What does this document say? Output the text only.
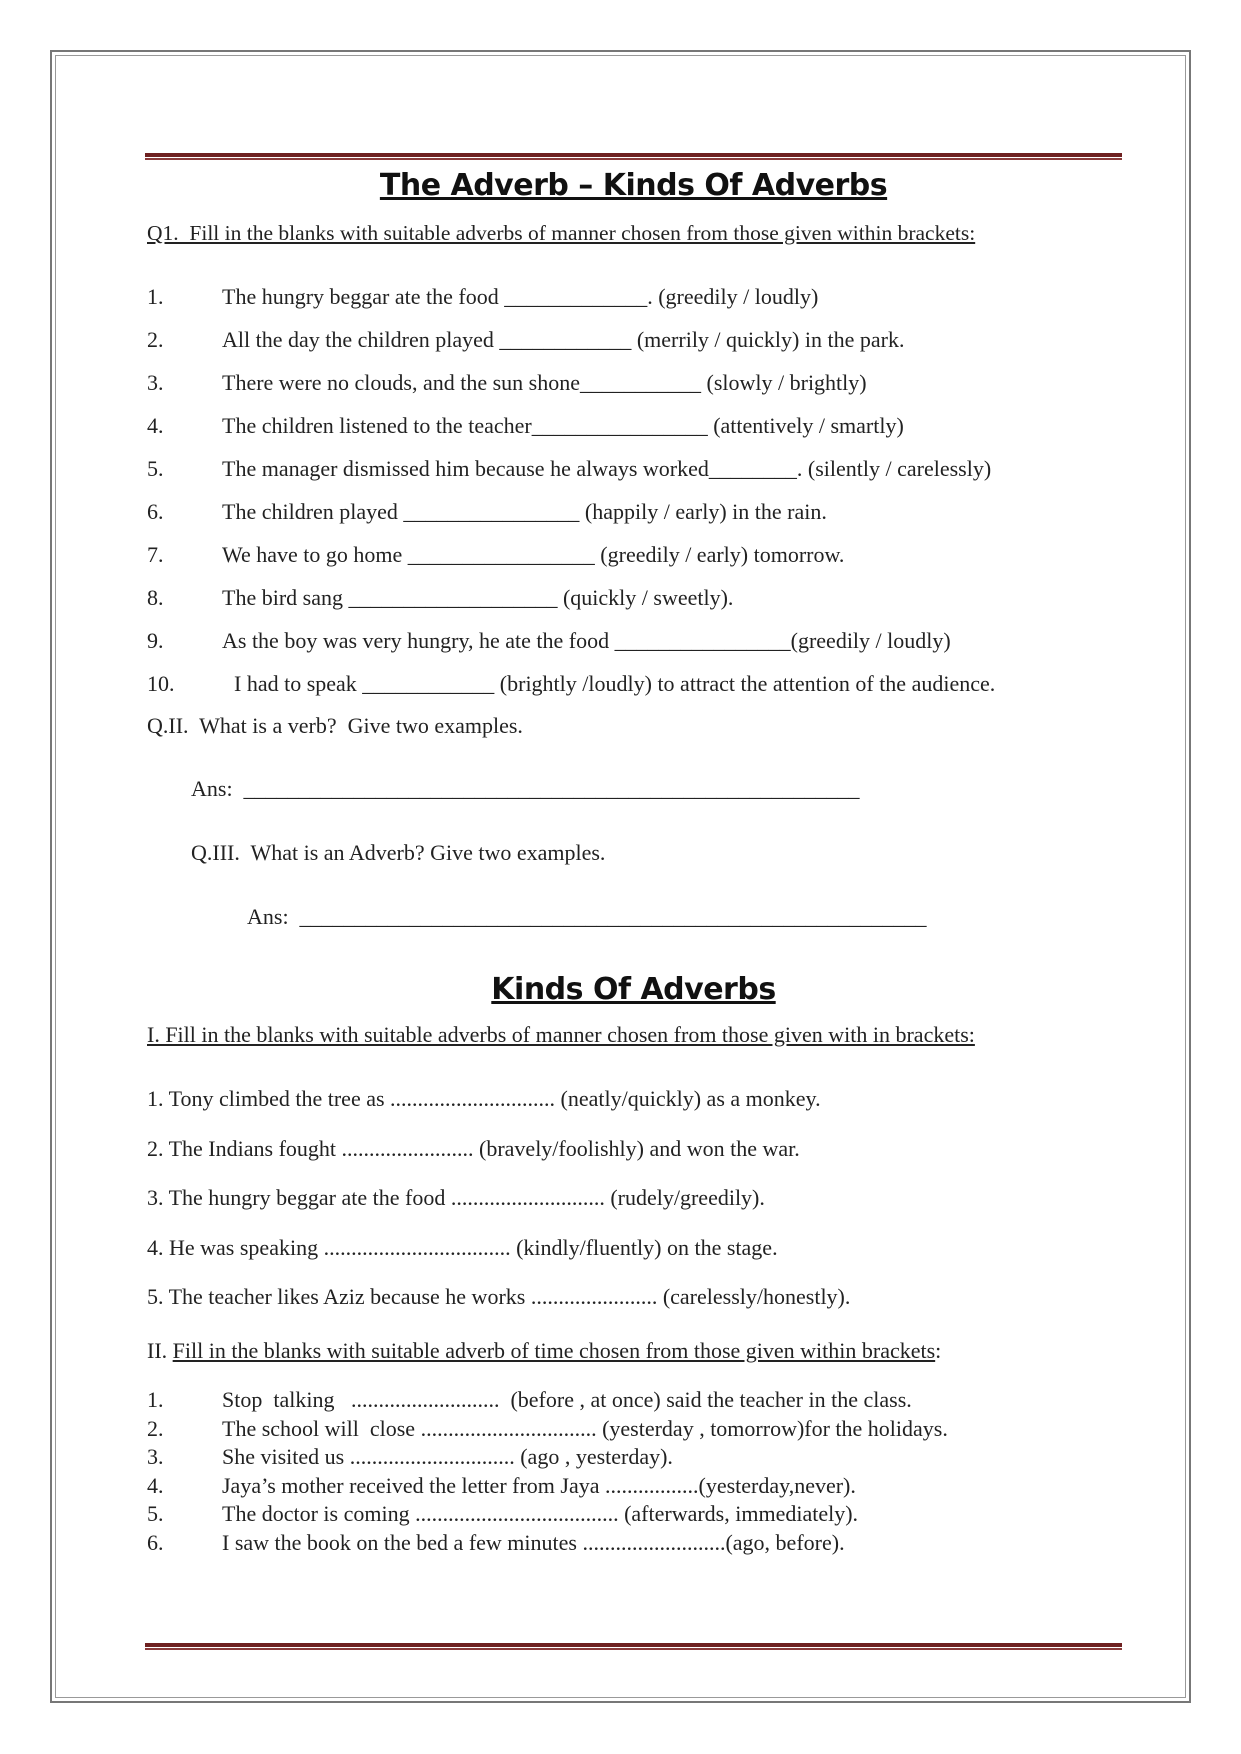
The Adverb – Kinds Of Adverbs
Q1.  Fill in the blanks with suitable adverbs of manner chosen from those given within brackets:
1.	The hungry beggar ate the food _____________. (greedily / loudly)
2.	All the day the children played ____________ (merrily / quickly) in the park.
3.	There were no clouds, and the sun shone___________ (slowly / brightly)
4.	The children listened to the teacher________________ (attentively / smartly)
5.	The manager dismissed him because he always worked________. (silently / carelessly)
6.	The children played ________________ (happily / early) in the rain.
7.	We have to go home _________________ (greedily / early) tomorrow.
8.	The bird sang ___________________ (quickly / sweetly).
9.	As the boy was very hungry, he ate the food ________________(greedily / loudly)
10.	I had to speak ____________ (brightly /loudly) to attract the attention of the audience.
Q.II.  What is a verb?  Give two examples.
Ans:  ________________________________________________________
Q.III.  What is an Adverb? Give two examples.
Ans:  _________________________________________________________
Kinds Of Adverbs
I. Fill in the blanks with suitable adverbs of manner chosen from those given with in brackets:
1. Tony climbed the tree as .............................. (neatly/quickly) as a monkey.
2. The Indians fought ........................ (bravely/foolishly) and won the war.
3. The hungry beggar ate the food ............................ (rudely/greedily).
4. He was speaking .................................. (kindly/fluently) on the stage.
5. The teacher likes Aziz because he works ....................... (carelessly/honestly).
II. Fill in the blanks with suitable adverb of time chosen from those given within brackets:
1.	Stop  talking   ...........................  (before , at once) said the teacher in the class.
2.	The school will  close ................................ (yesterday , tomorrow)for the holidays.
3.	She visited us .............................. (ago , yesterday).
4.	Jaya’s mother received the letter from Jaya .................(yesterday,never).
5.	The doctor is coming ..................................... (afterwards, immediately).
6.	I saw the book on the bed a few minutes ..........................(ago, before).
